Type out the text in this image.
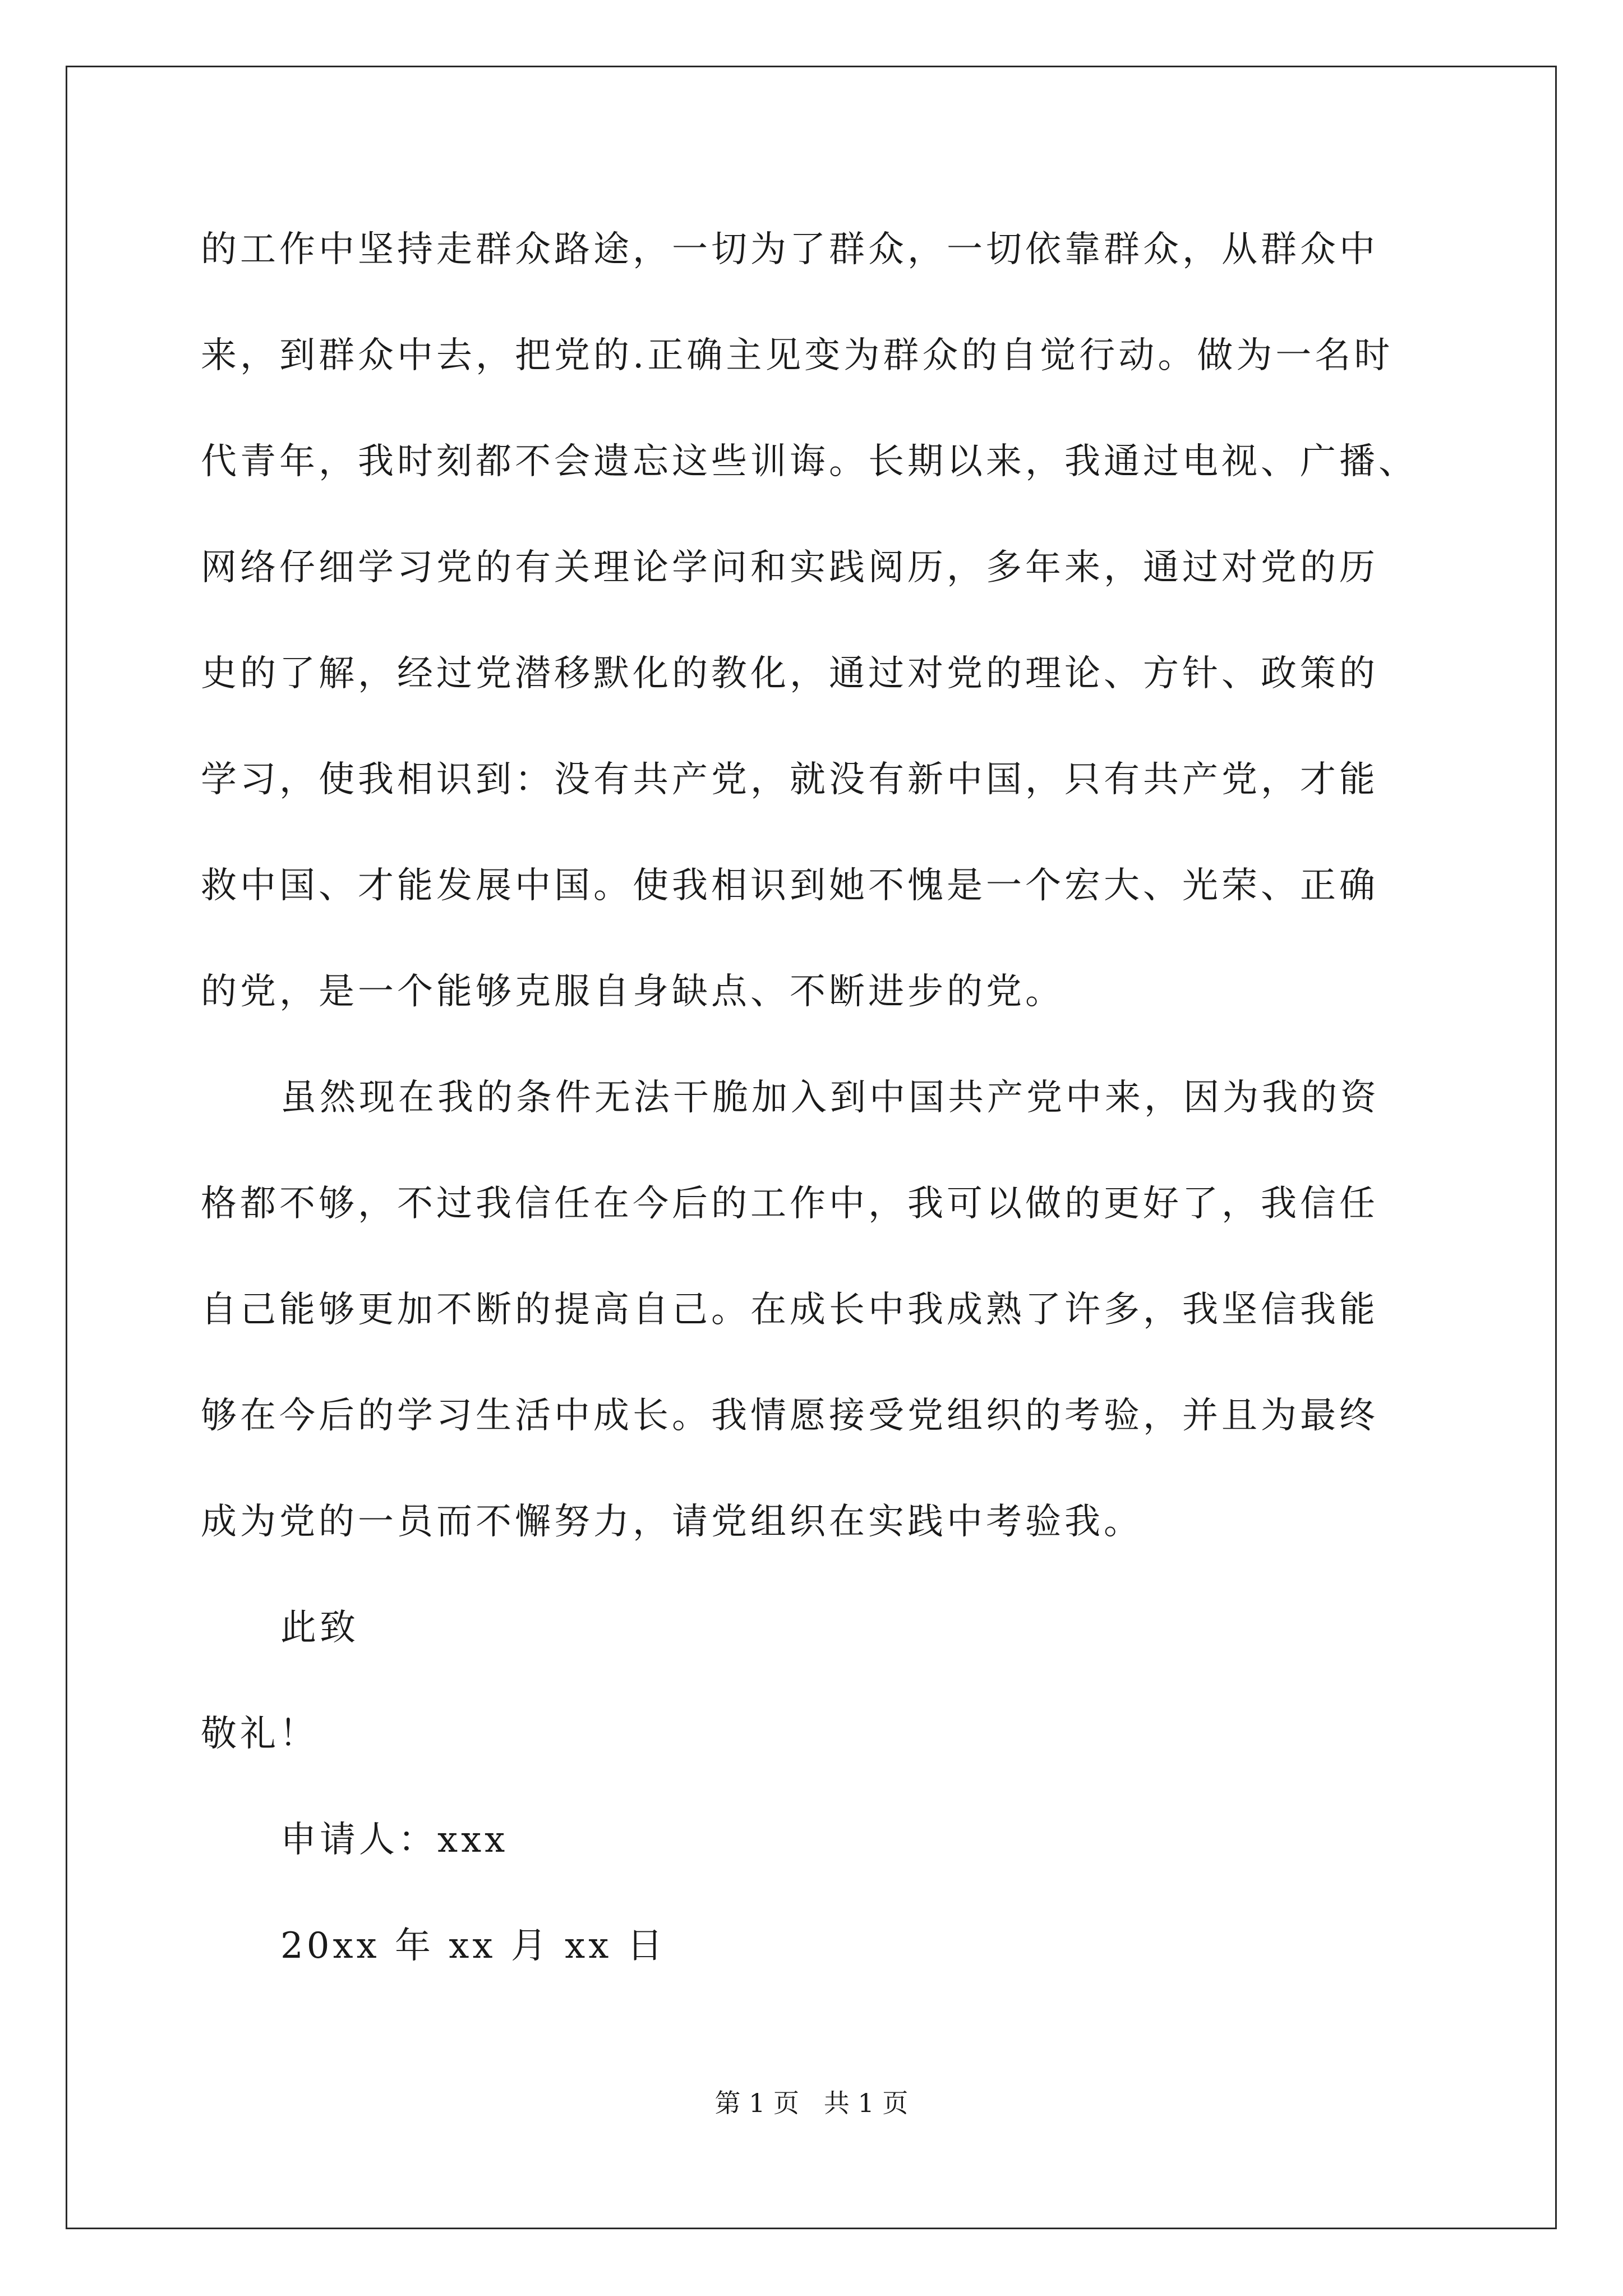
的工作中坚持走群众路途，一切为了群众，一切依靠群众，从群众中
来，到群众中去，把党的.正确主见变为群众的自觉行动。做为一名时
代青年，我时刻都不会遗忘这些训诲。长期以来，我通过电视、广播、
网络仔细学习党的有关理论学问和实践阅历，多年来，通过对党的历
史的了解，经过党潜移默化的教化，通过对党的理论、方针、政策的
学习，使我相识到：没有共产党，就没有新中国，只有共产党，才能
救中国、才能发展中国。使我相识到她不愧是一个宏大、光荣、正确
的党，是一个能够克服自身缺点、不断进步的党。
虽然现在我的条件无法干脆加入到中国共产党中来，因为我的资
格都不够，不过我信任在今后的工作中，我可以做的更好了，我信任
自己能够更加不断的提高自己。在成长中我成熟了许多，我坚信我能
够在今后的学习生活中成长。我情愿接受党组织的考验，并且为最终
成为党的一员而不懈努力，请党组织在实践中考验我。
此致
敬礼！
申请人：xxx
20xx 年 xx 月 xx 日
第 1 页   共 1 页
